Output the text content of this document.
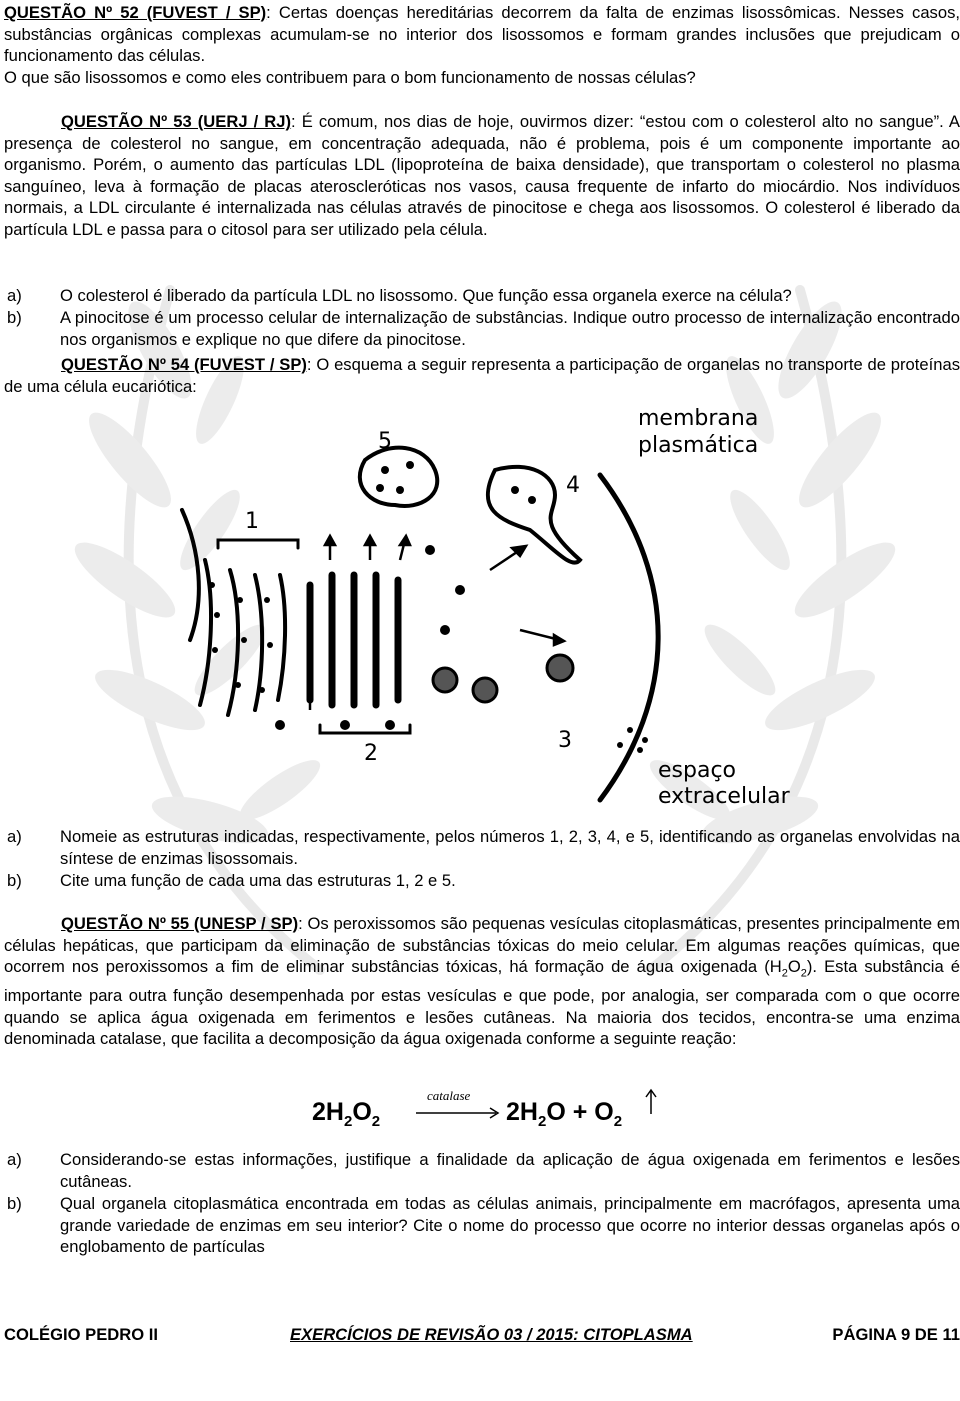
QUESTÃO Nº 52 (FUVEST / SP): Certas doenças hereditárias decorrem da falta de enzimas lisossômicas. Nesses casos, substâncias orgânicas complexas acumulam-se no interior dos lisossomos e formam grandes inclusões que prejudicam o funcionamento das células.

O que são lisossomos e como eles contribuem para o bom funcionamento de nossas células?

QUESTÃO Nº 53 (UERJ / RJ): É comum, nos dias de hoje, ouvirmos dizer: “estou com o colesterol alto no sangue”. A presença de colesterol no sangue, em concentração adequada, não é problema, pois é um componente importante ao organismo. Porém, o aumento das partículas LDL (lipoproteína de baixa densidade), que transportam o colesterol no plasma sanguíneo, leva à formação de placas ateroscleróticas nos vasos, causa frequente de infarto do miocárdio. Nos indivíduos normais, a LDL circulante é internalizada nas células através de pinocitose e chega aos lisossomos. O colesterol é liberado da partícula LDL e passa para o citosol para ser utilizado pela célula.

a) O colesterol é liberado da partícula LDL no lisossomo. Que função essa organela exerce na célula?
b) A pinocitose é um processo celular de internalização de substâncias. Indique outro processo de internalização encontrado nos organismos e explique no que difere da pinocitose.

QUESTÃO Nº 54 (FUVEST / SP): O esquema a seguir representa a participação de organelas no transporte de proteínas de uma célula eucariótica:

membrana
plasmática
espaço
extracelular
1
2
3
4
5
a) Nomeie as estruturas indicadas, respectivamente, pelos números 1, 2, 3, 4, e 5, identificando as organelas envolvidas na síntese de enzimas lisossomais.
b) Cite uma função de cada uma das estruturas 1, 2 e 5.

QUESTÃO Nº 55 (UNESP / SP): Os peroxissomos são pequenas vesículas citoplasmáticas, presentes principalmente em células hepáticas, que participam da eliminação de substâncias tóxicas do meio celular. Em algumas reações químicas, que ocorrem nos peroxissomos a fim de eliminar substâncias tóxicas, há formação de água oxigenada $(H_2O_2)$. Esta substância é importante para outra função desempenhada por estas vesículas e que pode, por analogia, ser comparada com o que ocorre quando se aplica água oxigenada em ferimentos e lesões cutâneas. Na maioria dos tecidos, encontra-se uma enzima denominada catalase, que facilita a decomposição da água oxigenada conforme a seguinte reação:

$2H_2O_2$
catalase
$2H_2O + O_2$
a) Considerando-se estas informações, justifique a finalidade da aplicação de água oxigenada em ferimentos e lesões cutâneas.
b) Qual organela citoplasmática encontrada em todas as células animais, principalmente em macrófagos, apresenta uma grande variedade de enzimas em seu interior? Cite o nome do processo que ocorre no interior dessas organelas após o englobamento de partículas
COLÉGIO PEDRO II	EXERCÍCIOS DE REVISÃO 03 / 2015: CITOPLASMA	PÁGINA 9 DE 11
